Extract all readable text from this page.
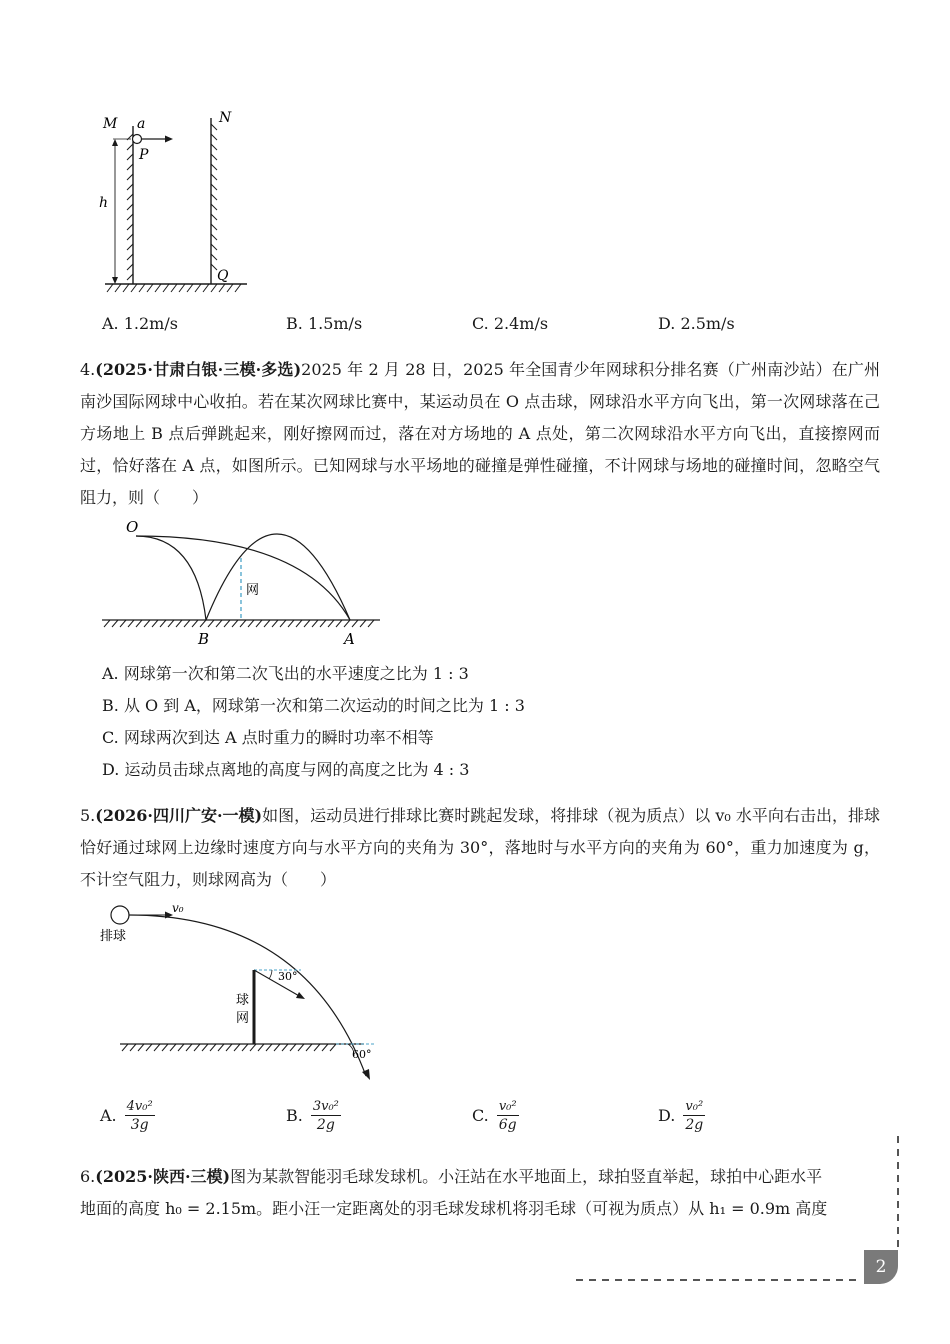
M a
P
h
N
Q
A. 1.2m/s	B. 1.5m/s	C. 2.4m/s	D. 2.5m/s
4.(2025·甘肃白银·三模·多选)2025 年 2 月 28 日，2025 年全国青少年网球积分排名赛（广州南沙站）在广州南沙国际网球中心收拍。若在某次网球比赛中，某运动员在 O 点击球，网球沿水平方向飞出，第一次网球落在己方场地上 B 点后弹跳起来，刚好擦网而过，落在对方场地的 A 点处，第二次网球沿水平方向飞出，直接擦网而过，恰好落在 A 点，如图所示。已知网球与水平场地的碰撞是弹性碰撞，不计网球与场地的碰撞时间，忽略空气阻力，则（　　）
网
O
B	A
A. 网球第一次和第二次飞出的水平速度之比为 1 : 3
B. 从 O 到 A，网球第一次和第二次运动的时间之比为 1 : 3
C. 网球两次到达 A 点时重力的瞬时功率不相等
D. 运动员击球点离地的高度与网的高度之比为 4 : 3
5.(2026·四川广安·一模)如图，运动员进行排球比赛时跳起发球，将排球（视为质点）以 v₀ 水平向右击出，排球恰好通过球网上边缘时速度方向与水平方向的夹角为 30°，落地时与水平方向的夹角为 60°，重力加速度为 g，不计空气阻力，则球网高为（　　）
v₀
排球
30°
球
网
60°
A. $\frac{\text{4v₀²}}{3g}$	B. $\frac{\text{3v₀²}}{2g}$	C. $\frac{\text{v₀²}}{6g}$	D. $\frac{\text{v₀²}}{2g}$
6.(2025·陕西·三模)图为某款智能羽毛球发球机。小汪站在水平地面上，球拍竖直举起，球拍中心距水平
地面的高度 h₀ = 2.15m。距小汪一定距离处的羽毛球发球机将羽毛球（可视为质点）从 h₁ = 0.9m 高度
2
